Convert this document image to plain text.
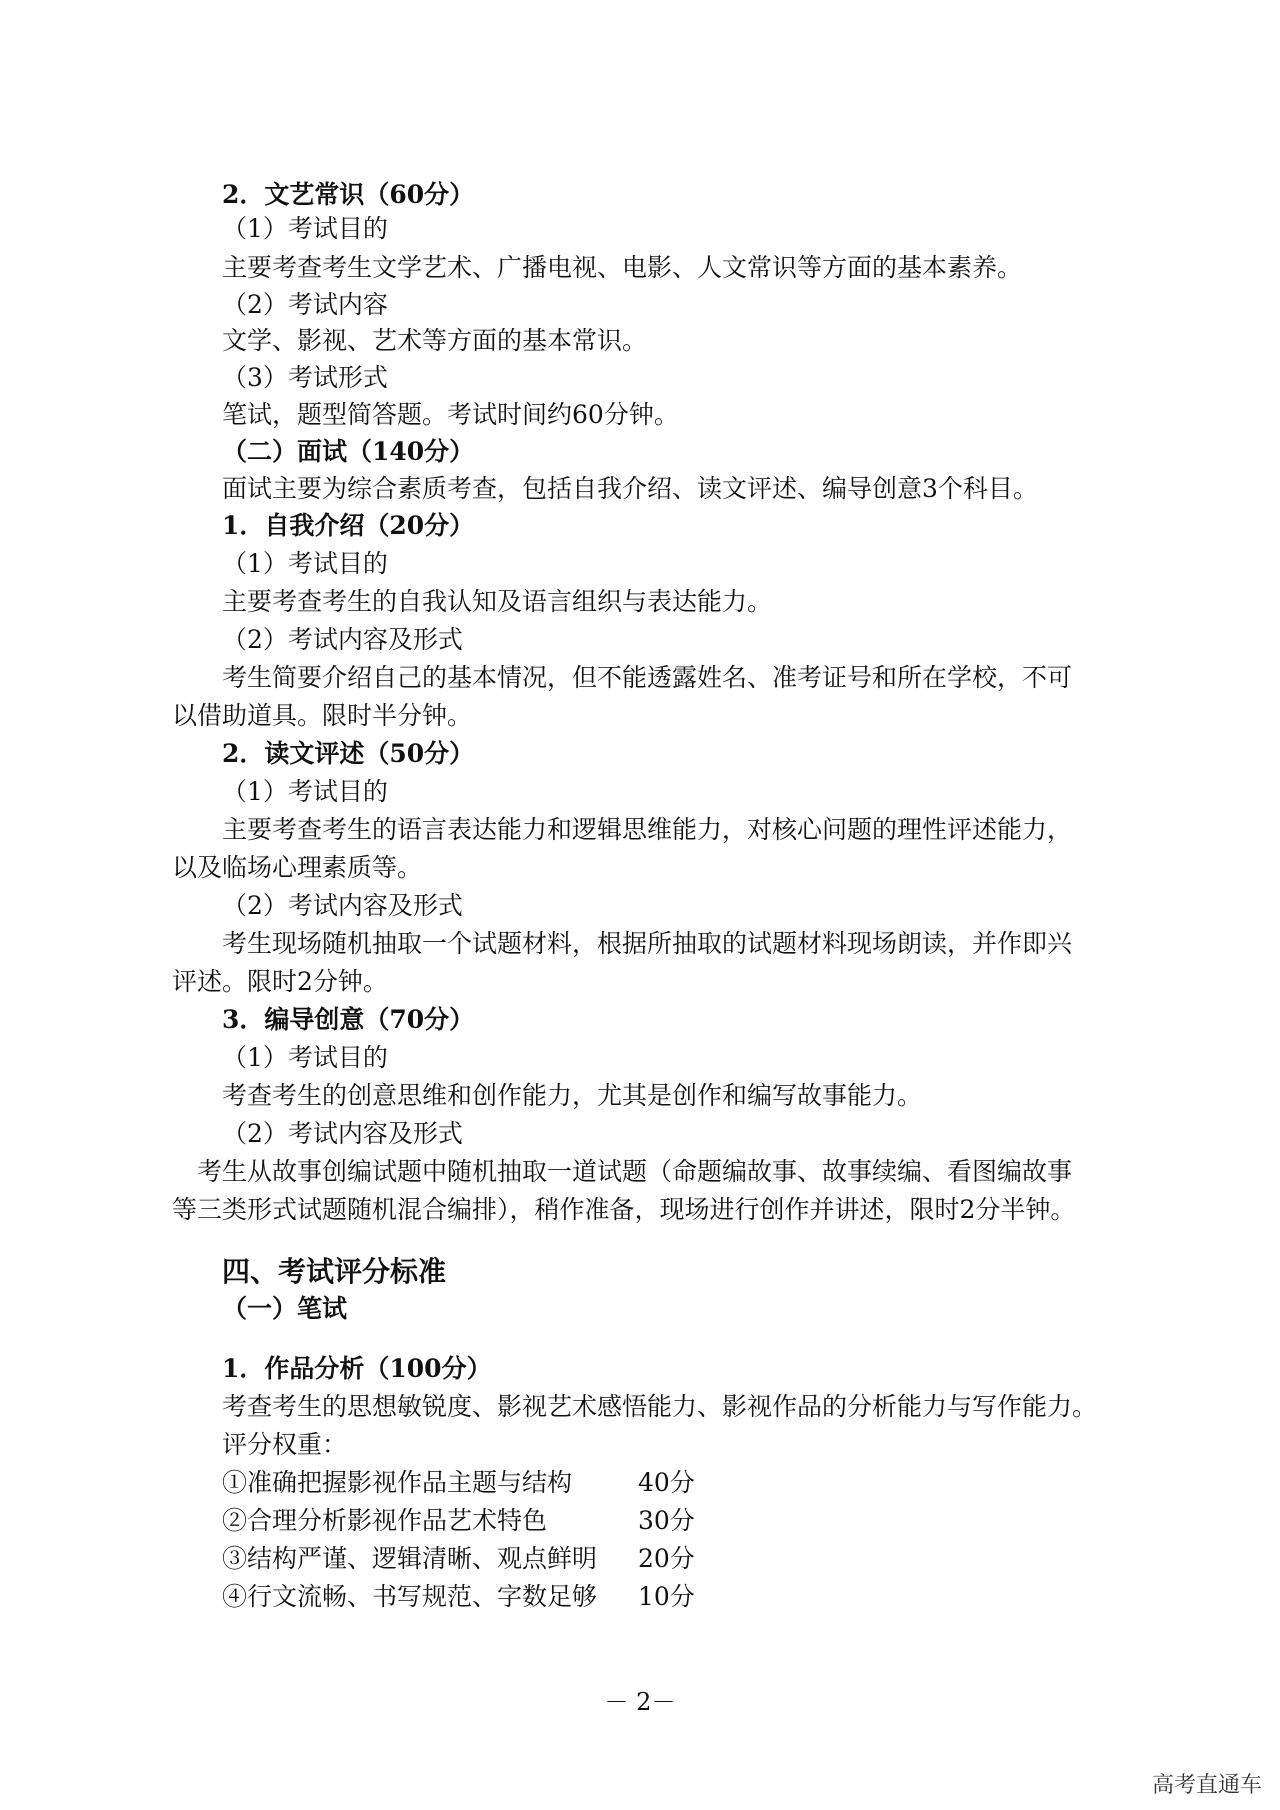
2．文艺常识（60分）
（1）考试目的
主要考查考生文学艺术、广播电视、电影、人文常识等方面的基本素养。
（2）考试内容
文学、影视、艺术等方面的基本常识。
（3）考试形式
笔试，题型简答题。考试时间约60分钟。
（二）面试（140分）
面试主要为综合素质考查，包括自我介绍、读文评述、编导创意3个科目。
1．自我介绍（20分）
（1）考试目的
主要考查考生的自我认知及语言组织与表达能力。
（2）考试内容及形式
考生简要介绍自己的基本情况，但不能透露姓名、准考证号和所在学校，不可
以借助道具。限时半分钟。
2．读文评述（50分）
（1）考试目的
主要考查考生的语言表达能力和逻辑思维能力，对核心问题的理性评述能力，
以及临场心理素质等。
（2）考试内容及形式
考生现场随机抽取一个试题材料，根据所抽取的试题材料现场朗读，并作即兴
评述。限时2分钟。
3．编导创意（70分）
（1）考试目的
考查考生的创意思维和创作能力，尤其是创作和编写故事能力。
（2）考试内容及形式
考生从故事创编试题中随机抽取一道试题（命题编故事、故事续编、看图编故事
等三类形式试题随机混合编排），稍作准备，现场进行创作并讲述，限时2分半钟。
四、考试评分标准
（一）笔试
1．作品分析（100分）
考查考生的思想敏锐度、影视艺术感悟能力、影视作品的分析能力与写作能力。
评分权重：
①准确把握影视作品主题与结构	40分
②合理分析影视作品艺术特色	30分
③结构严谨、逻辑清晰、观点鲜明 20分
④行文流畅、书写规范、字数足够 10分
－ 2－
高考直通车
